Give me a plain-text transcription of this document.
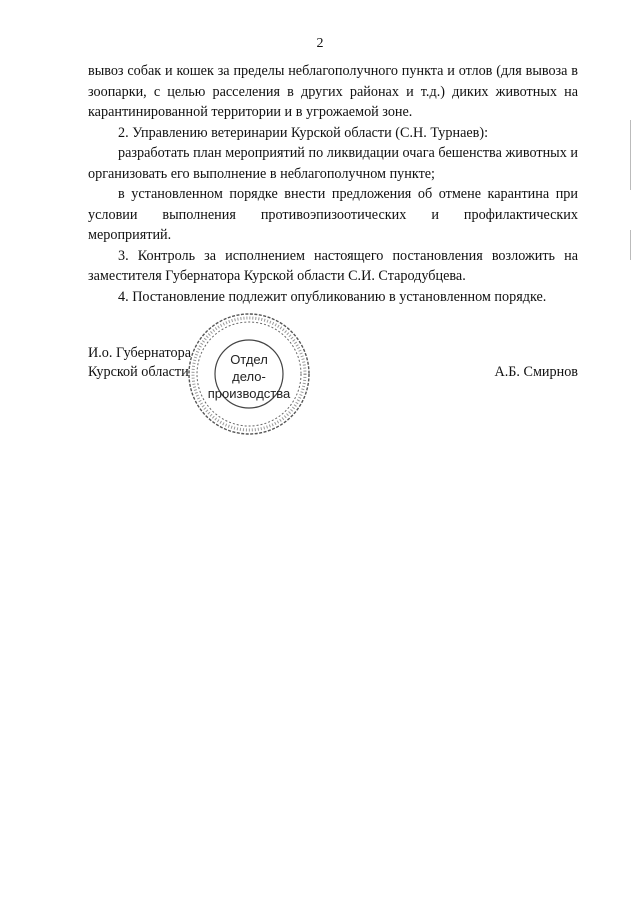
2

вывоз собак и кошек за пределы неблагополучного пункта и отлов (для вывоза в зоопарки, с целью расселения в других районах и т.д.) диких животных на карантинированной территории и в угрожаемой зоне.

2. Управлению ветеринарии Курской области (С.Н. Турнаев):

разработать план мероприятий по ликвидации очага бешенства животных и организовать его выполнение в неблагополучном пункте;

в установленном порядке внести предложения об отмене карантина при условии выполнения противоэпизоотических и профилактических мероприятий.

3. Контроль за исполнением настоящего постановления возложить на заместителя Губернатора Курской области С.И. Стародубцева.

4. Постановление подлежит опубликованию в установленном порядке.

И.о. Губернатора
Курской области	А.Б. Смирнов
Отдел
дело-
производства
